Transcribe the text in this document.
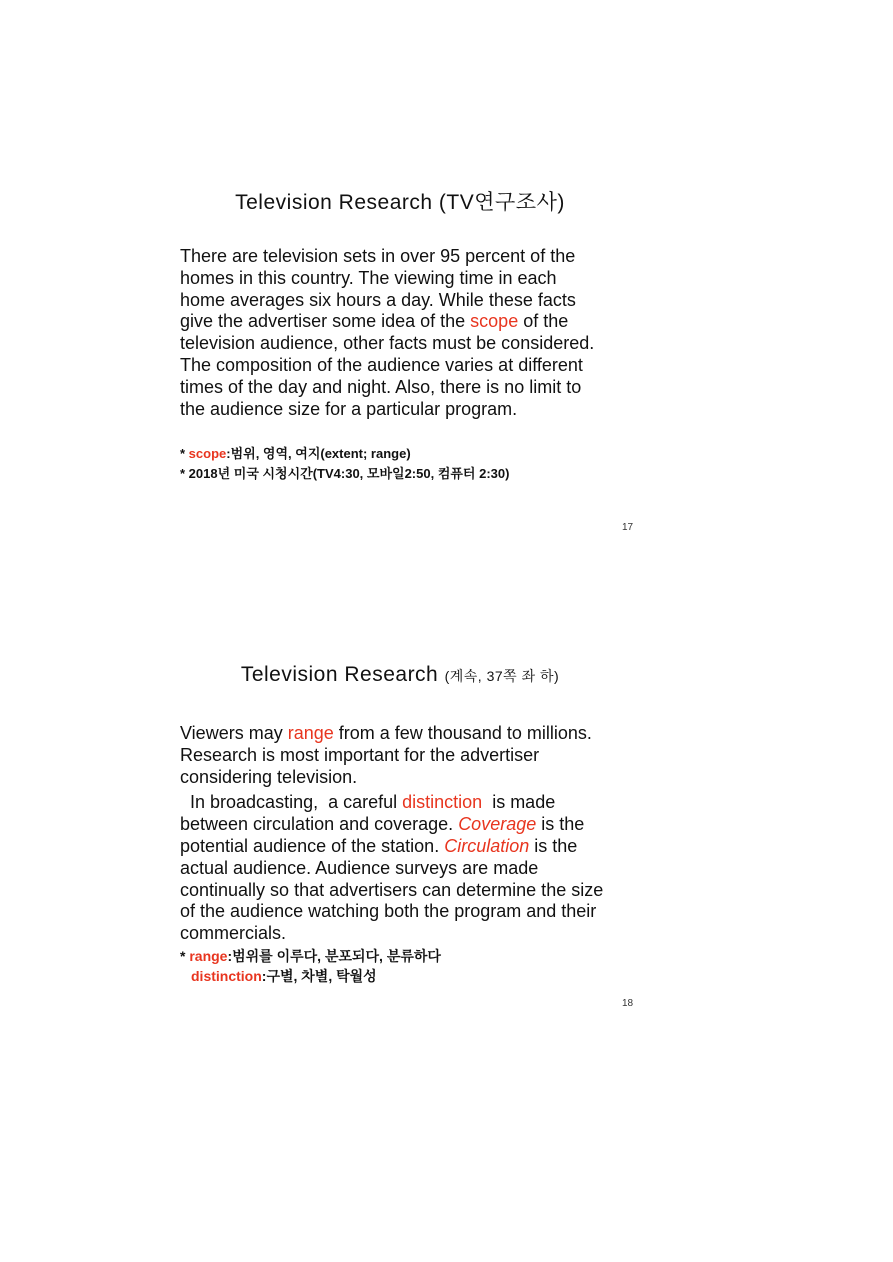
Television Research (TV연구조사)
There are television sets in over 95 percent of the
homes in this country. The viewing time in each
home averages six hours a day. While these facts
give the advertiser some idea of the scope of the
television audience, other facts must be considered.
The composition of the audience varies at different
times of the day and night. Also, there is no limit to
the audience size for a particular program.
* scope:범위, 영역, 여지(extent; range)
* 2018년 미국 시청시간(TV4:30, 모바일2:50, 컴퓨터 2:30)
17
Television Research (계속, 37쪽 좌 하)
Viewers may range from a few thousand to millions.
Research is most important for the advertiser
considering television.
In broadcasting,  a careful distinction  is made
between circulation and coverage. Coverage is the
potential audience of the station. Circulation is the
actual audience. Audience surveys are made
continually so that advertisers can determine the size
of the audience watching both the program and their
commercials.
* range:범위를 이루다, 분포되다, 분류하다
distinction:구별, 차별, 탁월성
18
